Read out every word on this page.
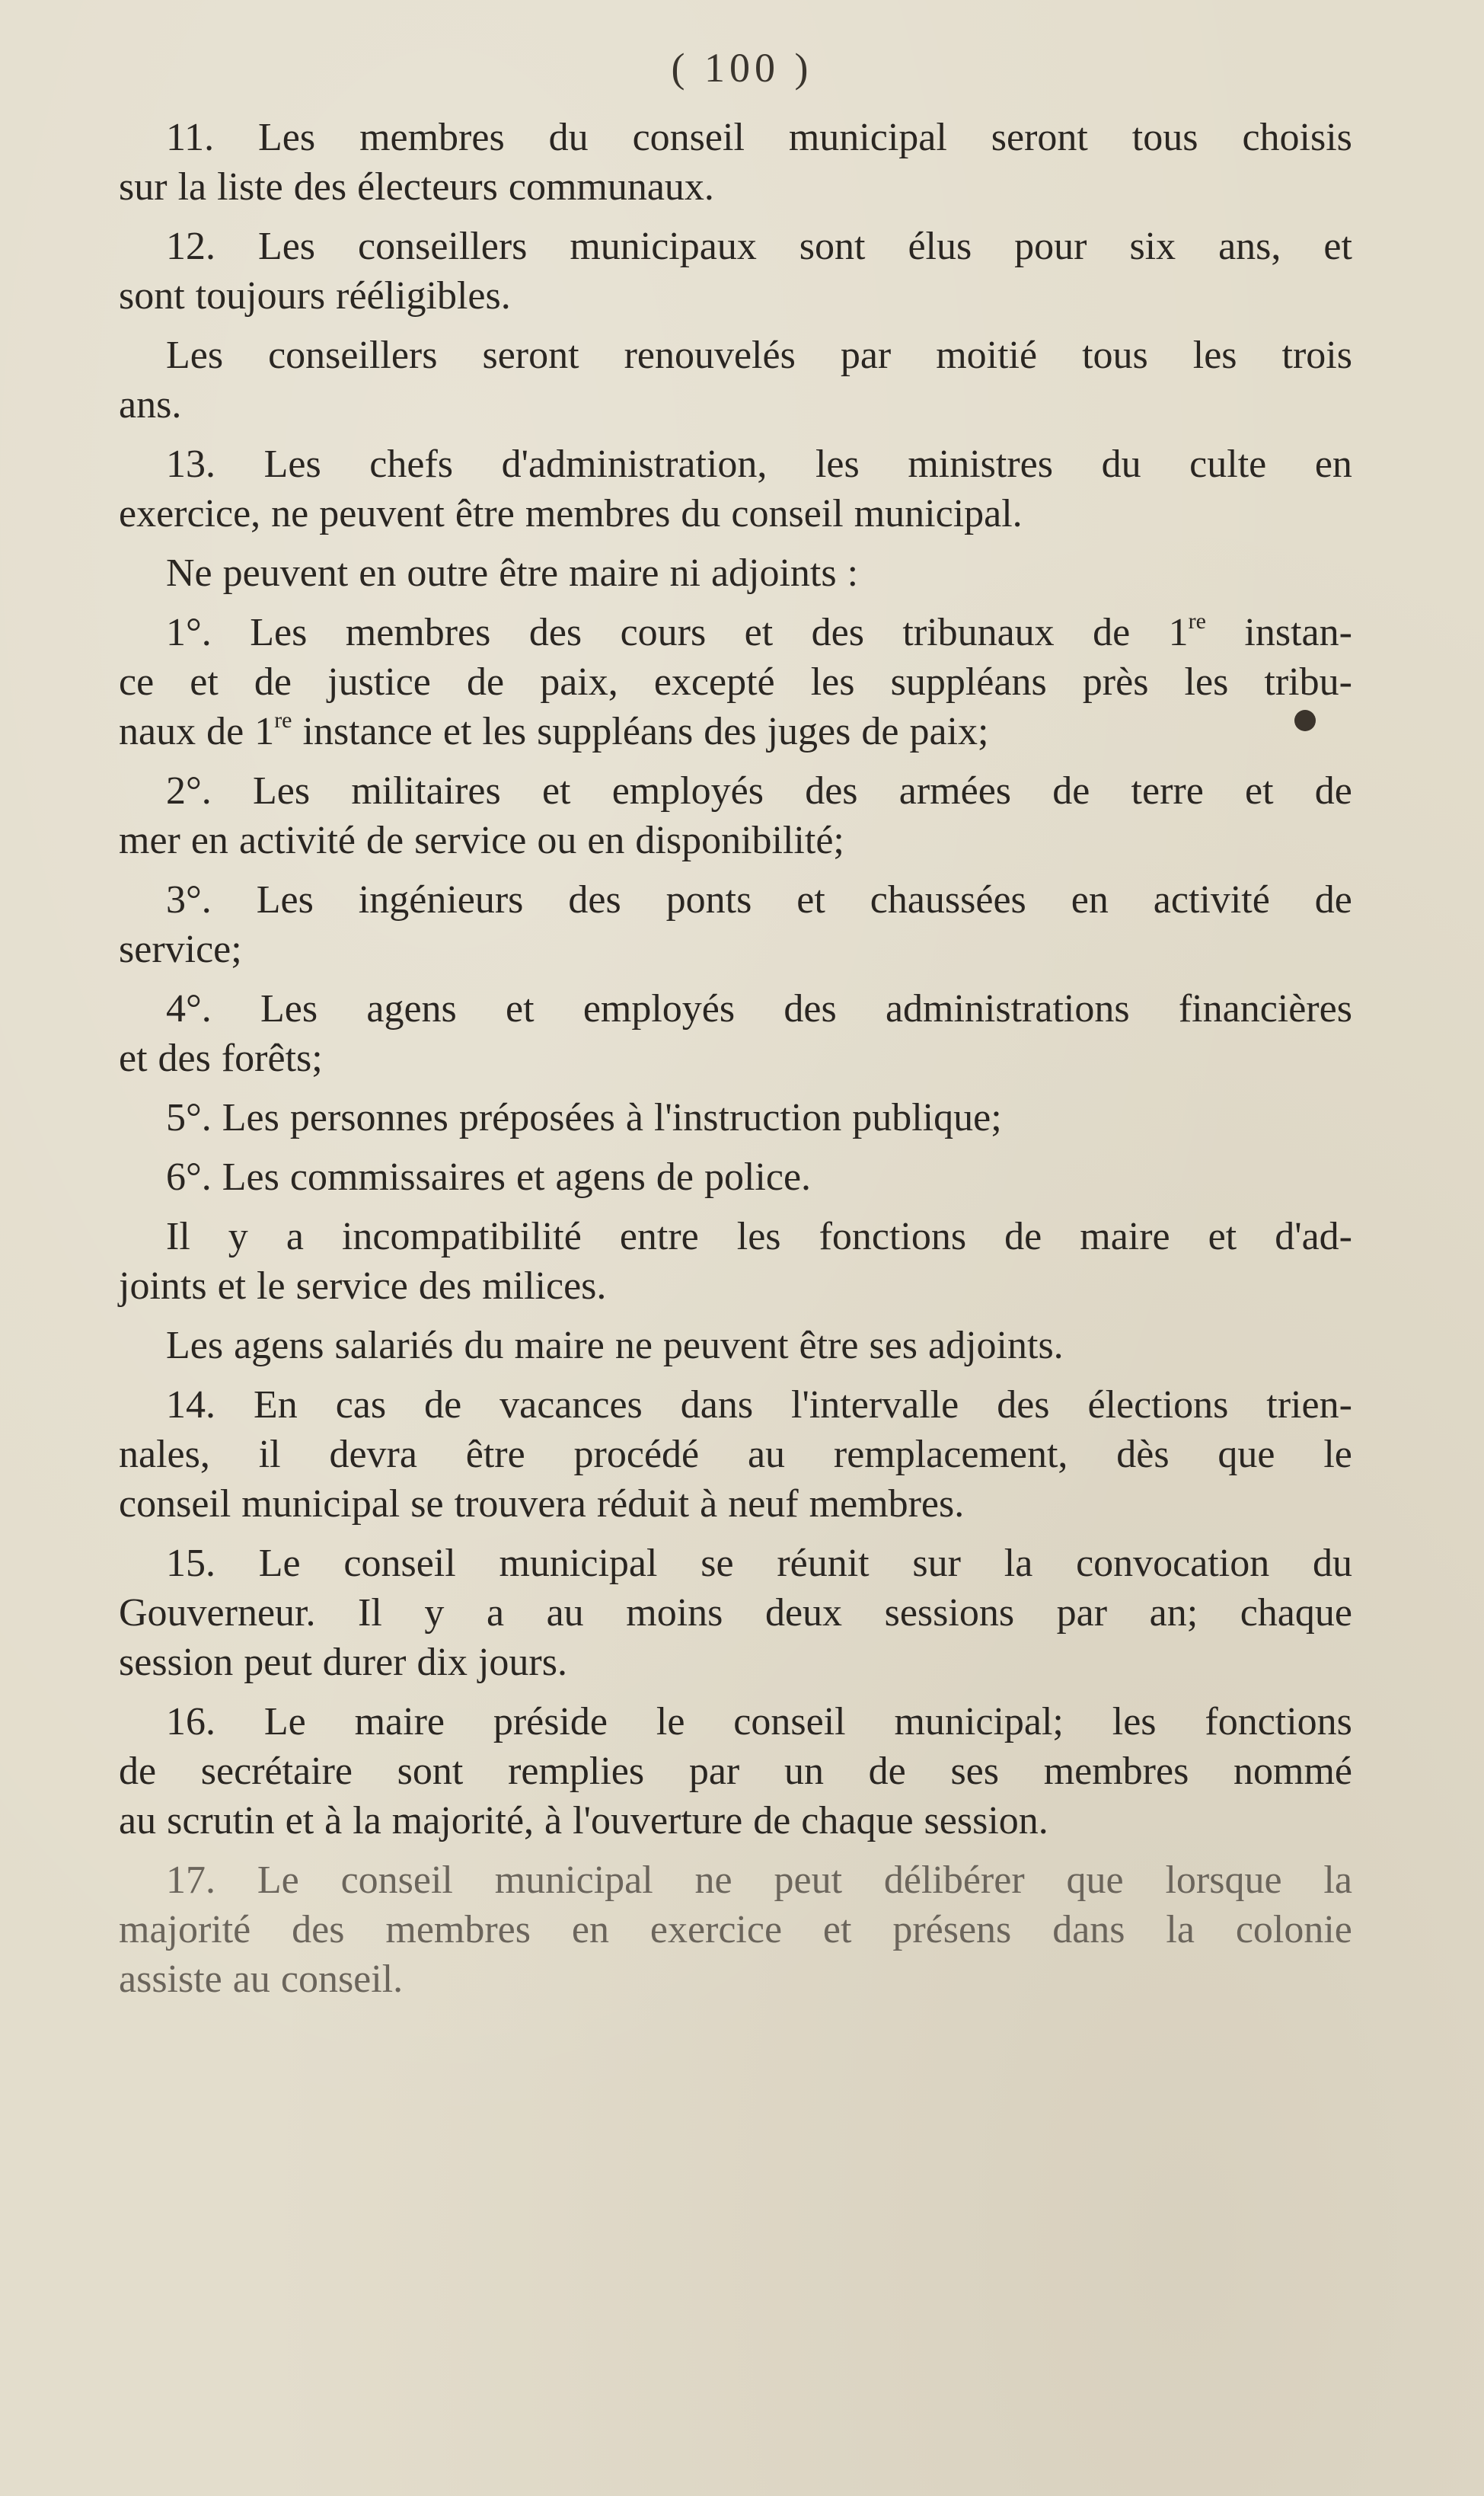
( 100 )
11. Les membres du conseil municipal seront tous choisis
sur la liste des électeurs communaux.
12. Les conseillers municipaux sont élus pour six ans, et
sont toujours rééligibles.
Les conseillers seront renouvelés par moitié tous les trois
ans.
13. Les chefs d'administration, les ministres du culte en
exercice, ne peuvent être membres du conseil municipal.
Ne peuvent en outre être maire ni adjoints :
1°. Les membres des cours et des tribunaux de 1re instan-
ce et de justice de paix, excepté les suppléans près les tribu-
naux de 1re instance et les suppléans des juges de paix;
2°. Les militaires et employés des armées de terre et de
mer en activité de service ou en disponibilité;
3°. Les ingénieurs des ponts et chaussées en activité de
service;
4°. Les agens et employés des administrations financières
et des forêts;
5°. Les personnes préposées à l'instruction publique;
6°. Les commissaires et agens de police.
Il y a incompatibilité entre les fonctions de maire et d'ad-
joints et le service des milices.
Les agens salariés du maire ne peuvent être ses adjoints.
14. En cas de vacances dans l'intervalle des élections trien-
nales, il devra être procédé au remplacement, dès que le
conseil municipal se trouvera réduit à neuf membres.
15. Le conseil municipal se réunit sur la convocation du
Gouverneur. Il y a au moins deux sessions par an; chaque
session peut durer dix jours.
16. Le maire préside le conseil municipal; les fonctions
de secrétaire sont remplies par un de ses membres nommé
au scrutin et à la majorité, à l'ouverture de chaque session.
17. Le conseil municipal ne peut délibérer que lorsque la
majorité des membres en exercice et présens dans la colonie
assiste au conseil.
